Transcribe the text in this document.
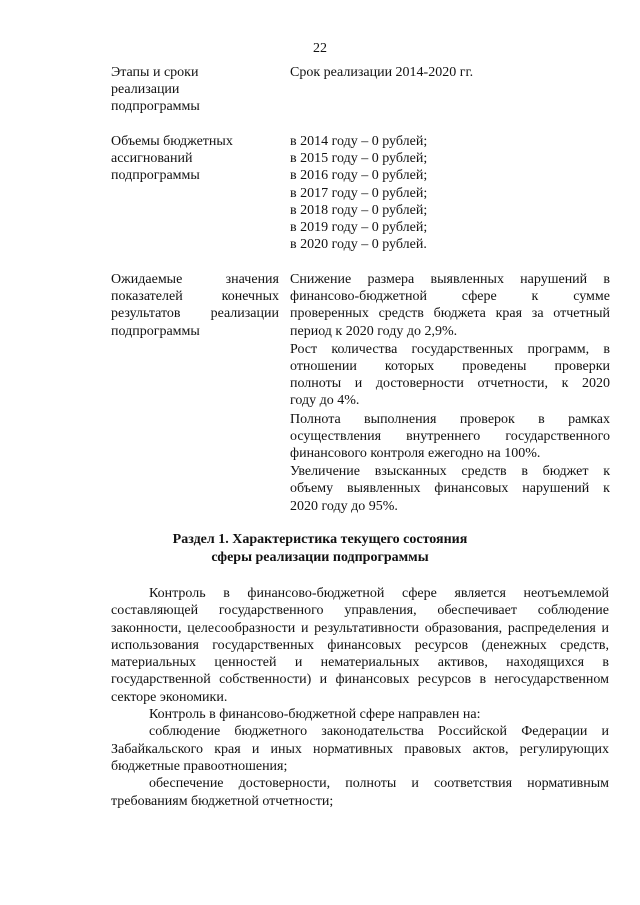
22
Этапы и сроки
реализации
подпрограммы
Срок реализации 2014-2020 гг.
Объемы бюджетных
ассигнований
подпрограммы
в 2014 году – 0 рублей;
в 2015 году – 0 рублей;
в 2016 году – 0 рублей;
в 2017 году – 0 рублей;
в 2018 году – 0 рублей;
в 2019 году – 0 рублей;
в 2020 году – 0 рублей.
Ожидаемые значения
показателей конечных
результатов реализации
подпрограммы
Снижение размера выявленных нарушений в
финансово-бюджетной сфере к сумме
проверенных средств бюджета края за отчетный
период к 2020 году до 2,9%.
Рост количества государственных программ, в
отношении которых проведены проверки
полноты и достоверности отчетности, к 2020
году до 4%.
Полнота выполнения проверок в рамках
осуществления внутреннего государственного
финансового контроля ежегодно на 100%.
Увеличение взысканных средств в бюджет к
объему выявленных финансовых нарушений к
2020 году до 95%.
Раздел 1. Характеристика текущего состояния
сферы реализации подпрограммы
Контроль в финансово-бюджетной сфере является неотъемлемой составляющей государственного управления, обеспечивает соблюдение законности, целесообразности и результативности образования, распределения и использования государственных финансовых ресурсов (денежных средств, материальных ценностей и нематериальных активов, находящихся в государственной собственности) и финансовых ресурсов в негосударственном секторе экономики.
Контроль в финансово-бюджетной сфере направлен на:
соблюдение бюджетного законодательства Российской Федерации и Забайкальского края и иных нормативных правовых актов, регулирующих бюджетные правоотношения;
обеспечение достоверности, полноты и соответствия нормативным требованиям бюджетной отчетности;
